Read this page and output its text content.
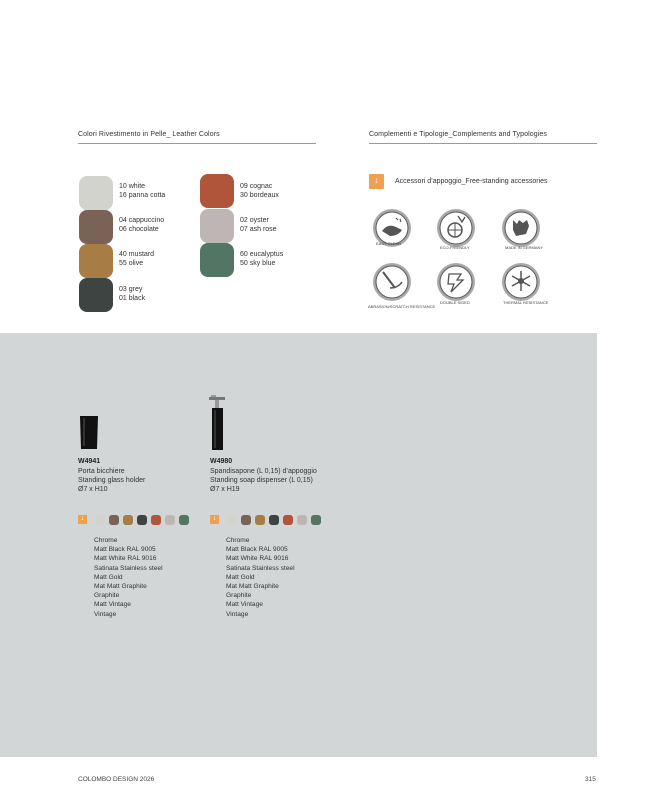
Colori Rivestimento in Pelle_ Leather Colors
10 white
16 panna cotta
04 cappuccino
06 chocolate
40 mustard
55 olive
03 grey
01 black
09 cognac
30 bordeaux
02 oyster
07 ash rose
60 eucalyptus
50 sky blue
Complementi e Tipologie_Complements and Typologies
↓	Accessori d’appoggio_Free-standing accessories
EASY CLEAN
ECO-FRIENDLY	MADE IN GERMANY
ABRASION/SCRATCH RESISTANCE
DOUBLE SIDED	THERMAL RESISTANCE
W4941
Porta bicchiere
Standing glass holder
Ø7 x H10
W4980
Spandisapone (L 0,15) d’appoggio
Standing soap dispenser (L 0,15)
Ø7 x H19
↓	↓
Chrome
Matt Black RAL 9005
Matt White RAL 9016
Satinata Stainless steel
Matt Gold
Mat Matt Graphite
Graphite
Matt Vintage
Vintage
Chrome
Matt Black RAL 9005
Matt White RAL 9016
Satinata Stainless steel
Matt Gold
Mat Matt Graphite
Graphite
Matt Vintage
Vintage
COLOMBO DESIGN 2026	315
